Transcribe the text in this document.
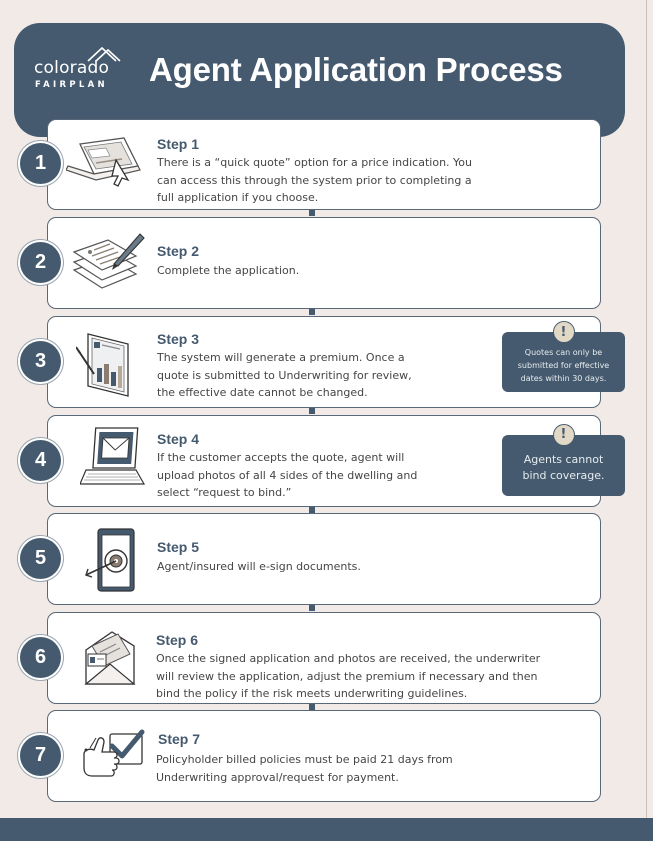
colorado
FAIRPLAN Agent Application Process
1
Step 1
There is a “quick quote” option for a price indication. You
can access this through the system prior to completing a
full application if you choose.
2	Step 2
Complete the application.
3
Step 3
The system will generate a premium. Once a
quote is submitted to Underwriting for review,
the effective date cannot be changed.
!
Quotes can only be
submitted for effective
dates within 30 days.
4
Step 4
If the customer accepts the quote, agent will
upload photos of all 4 sides of the dwelling and
select “request to bind.”
!
Agents cannot
bind coverage.
5	Step 5
Agent/insured will e-sign documents.
6
Step 6
Once the signed application and photos are received, the underwriter
will review the application, adjust the premium if necessary and then
bind the policy if the risk meets underwriting guidelines.
7
Step 7
Policyholder billed policies must be paid 21 days from
Underwriting approval/request for payment.
